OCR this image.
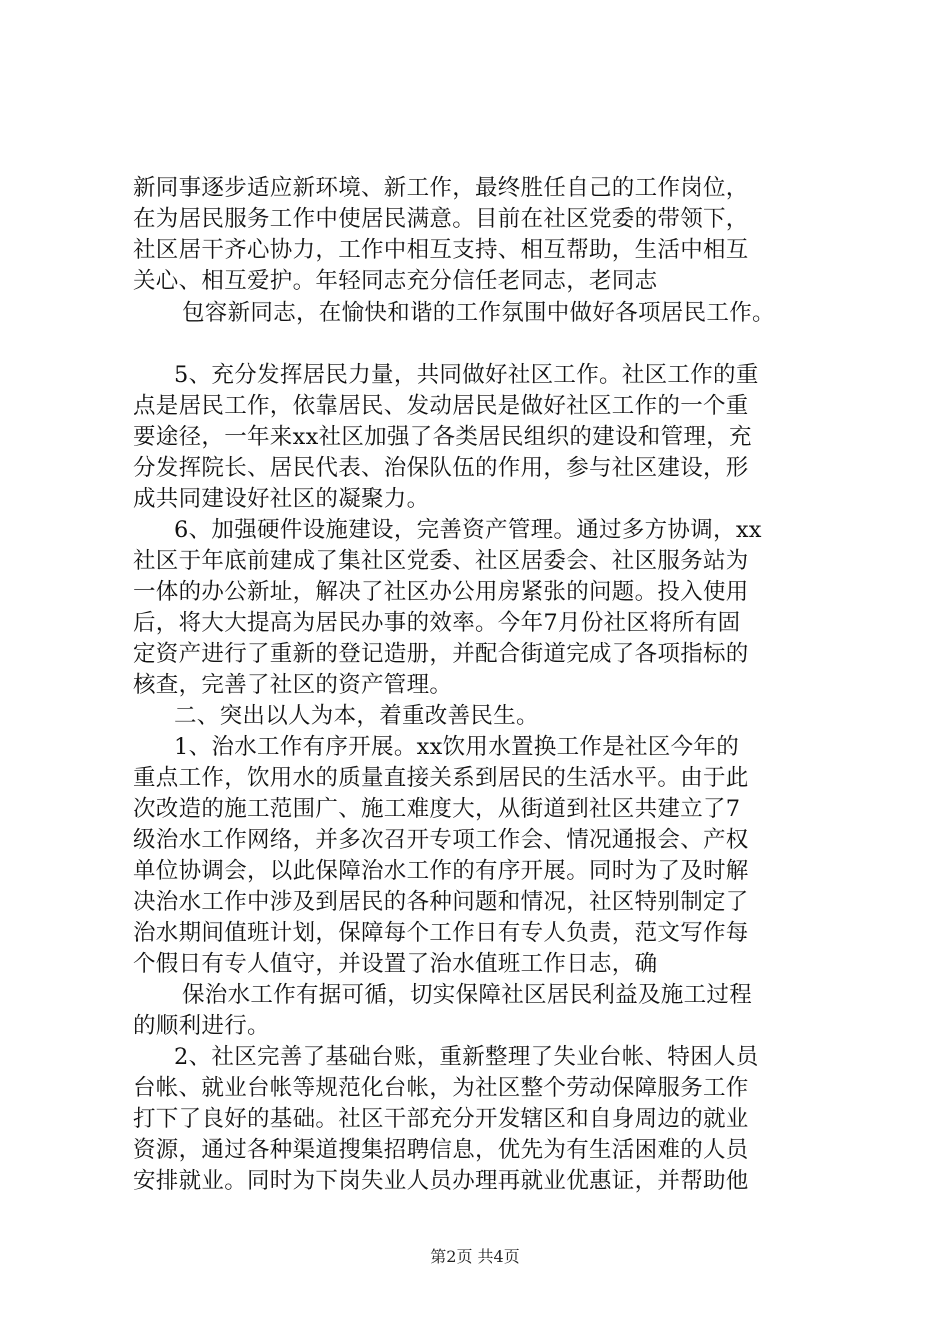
新同事逐步适应新环境、新工作，最终胜任自己的工作岗位，
在为居民服务工作中使居民满意。目前在社区党委的带领下，
社区居干齐心协力，工作中相互支持、相互帮助，生活中相互
关心、相互爱护。年轻同志充分信任老同志，老同志
包容新同志，在愉快和谐的工作氛围中做好各项居民工作。
5、充分发挥居民力量，共同做好社区工作。社区工作的重
点是居民工作，依靠居民、发动居民是做好社区工作的一个重
要途径，一年来xx社区加强了各类居民组织的建设和管理，充
分发挥院长、居民代表、治保队伍的作用，参与社区建设，形
成共同建设好社区的凝聚力。
6、加强硬件设施建设，完善资产管理。通过多方协调，xx
社区于年底前建成了集社区党委、社区居委会、社区服务站为
一体的办公新址，解决了社区办公用房紧张的问题。投入使用
后，将大大提高为居民办事的效率。今年7月份社区将所有固
定资产进行了重新的登记造册，并配合街道完成了各项指标的
核查，完善了社区的资产管理。
二、突出以人为本，着重改善民生。
1、治水工作有序开展。xx饮用水置换工作是社区今年的
重点工作，饮用水的质量直接关系到居民的生活水平。由于此
次改造的施工范围广、施工难度大，从街道到社区共建立了7
级治水工作网络，并多次召开专项工作会、情况通报会、产权
单位协调会，以此保障治水工作的有序开展。同时为了及时解
决治水工作中涉及到居民的各种问题和情况，社区特别制定了
治水期间值班计划，保障每个工作日有专人负责，范文写作每
个假日有专人值守，并设置了治水值班工作日志，确
保治水工作有据可循，切实保障社区居民利益及施工过程
的顺利进行。
2、社区完善了基础台账，重新整理了失业台帐、特困人员
台帐、就业台帐等规范化台帐，为社区整个劳动保障服务工作
打下了良好的基础。社区干部充分开发辖区和自身周边的就业
资源，通过各种渠道搜集招聘信息，优先为有生活困难的人员
安排就业。同时为下岗失业人员办理再就业优惠证，并帮助他
第2页 共4页
